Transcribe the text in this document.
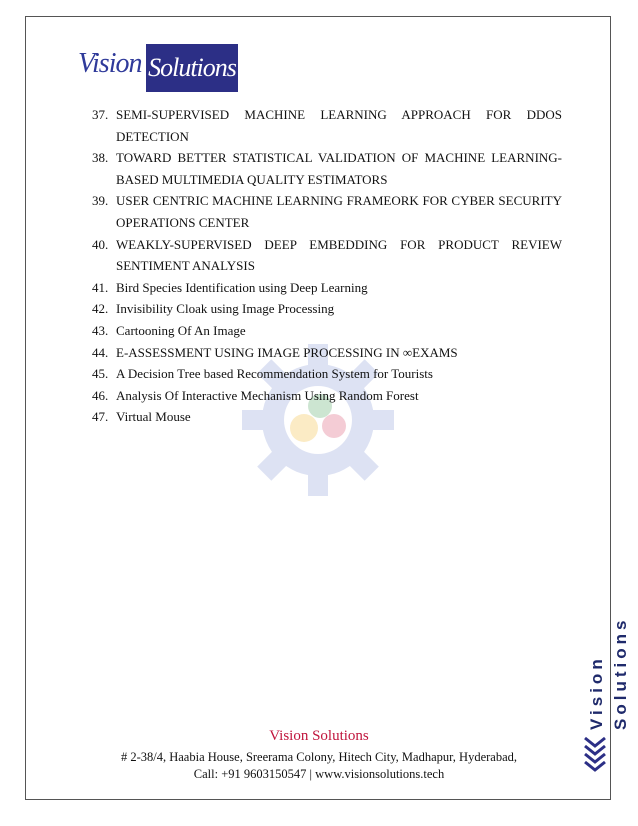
Vision Solutions
37. SEMI-SUPERVISED MACHINE LEARNING APPROACH FOR DDOS DETECTION
38. TOWARD BETTER STATISTICAL VALIDATION OF MACHINE LEARNING-
BASED MULTIMEDIA QUALITY ESTIMATORS
39. USER CENTRIC MACHINE LEARNING FRAMEORK FOR CYBER SECURITY
OPERATIONS CENTER
40. WEAKLY-SUPERVISED DEEP EMBEDDING FOR PRODUCT REVIEW
SENTIMENT ANALYSIS
41. Bird Species Identification using Deep Learning
42. Invisibility Cloak using Image Processing
43. Cartooning Of An Image
44. E-ASSESSMENT USING IMAGE PROCESSING IN ∞EXAMS
45. A Decision Tree based Recommendation System for Tourists
46. Analysis Of Interactive Mechanism Using Random Forest
47. Virtual Mouse
Vision Solutions
Vision Solutions
# 2-38/4, Haabia House, Sreerama Colony, Hitech City, Madhapur, Hyderabad,
Call: +91 9603150547 | www.visionsolutions.tech
